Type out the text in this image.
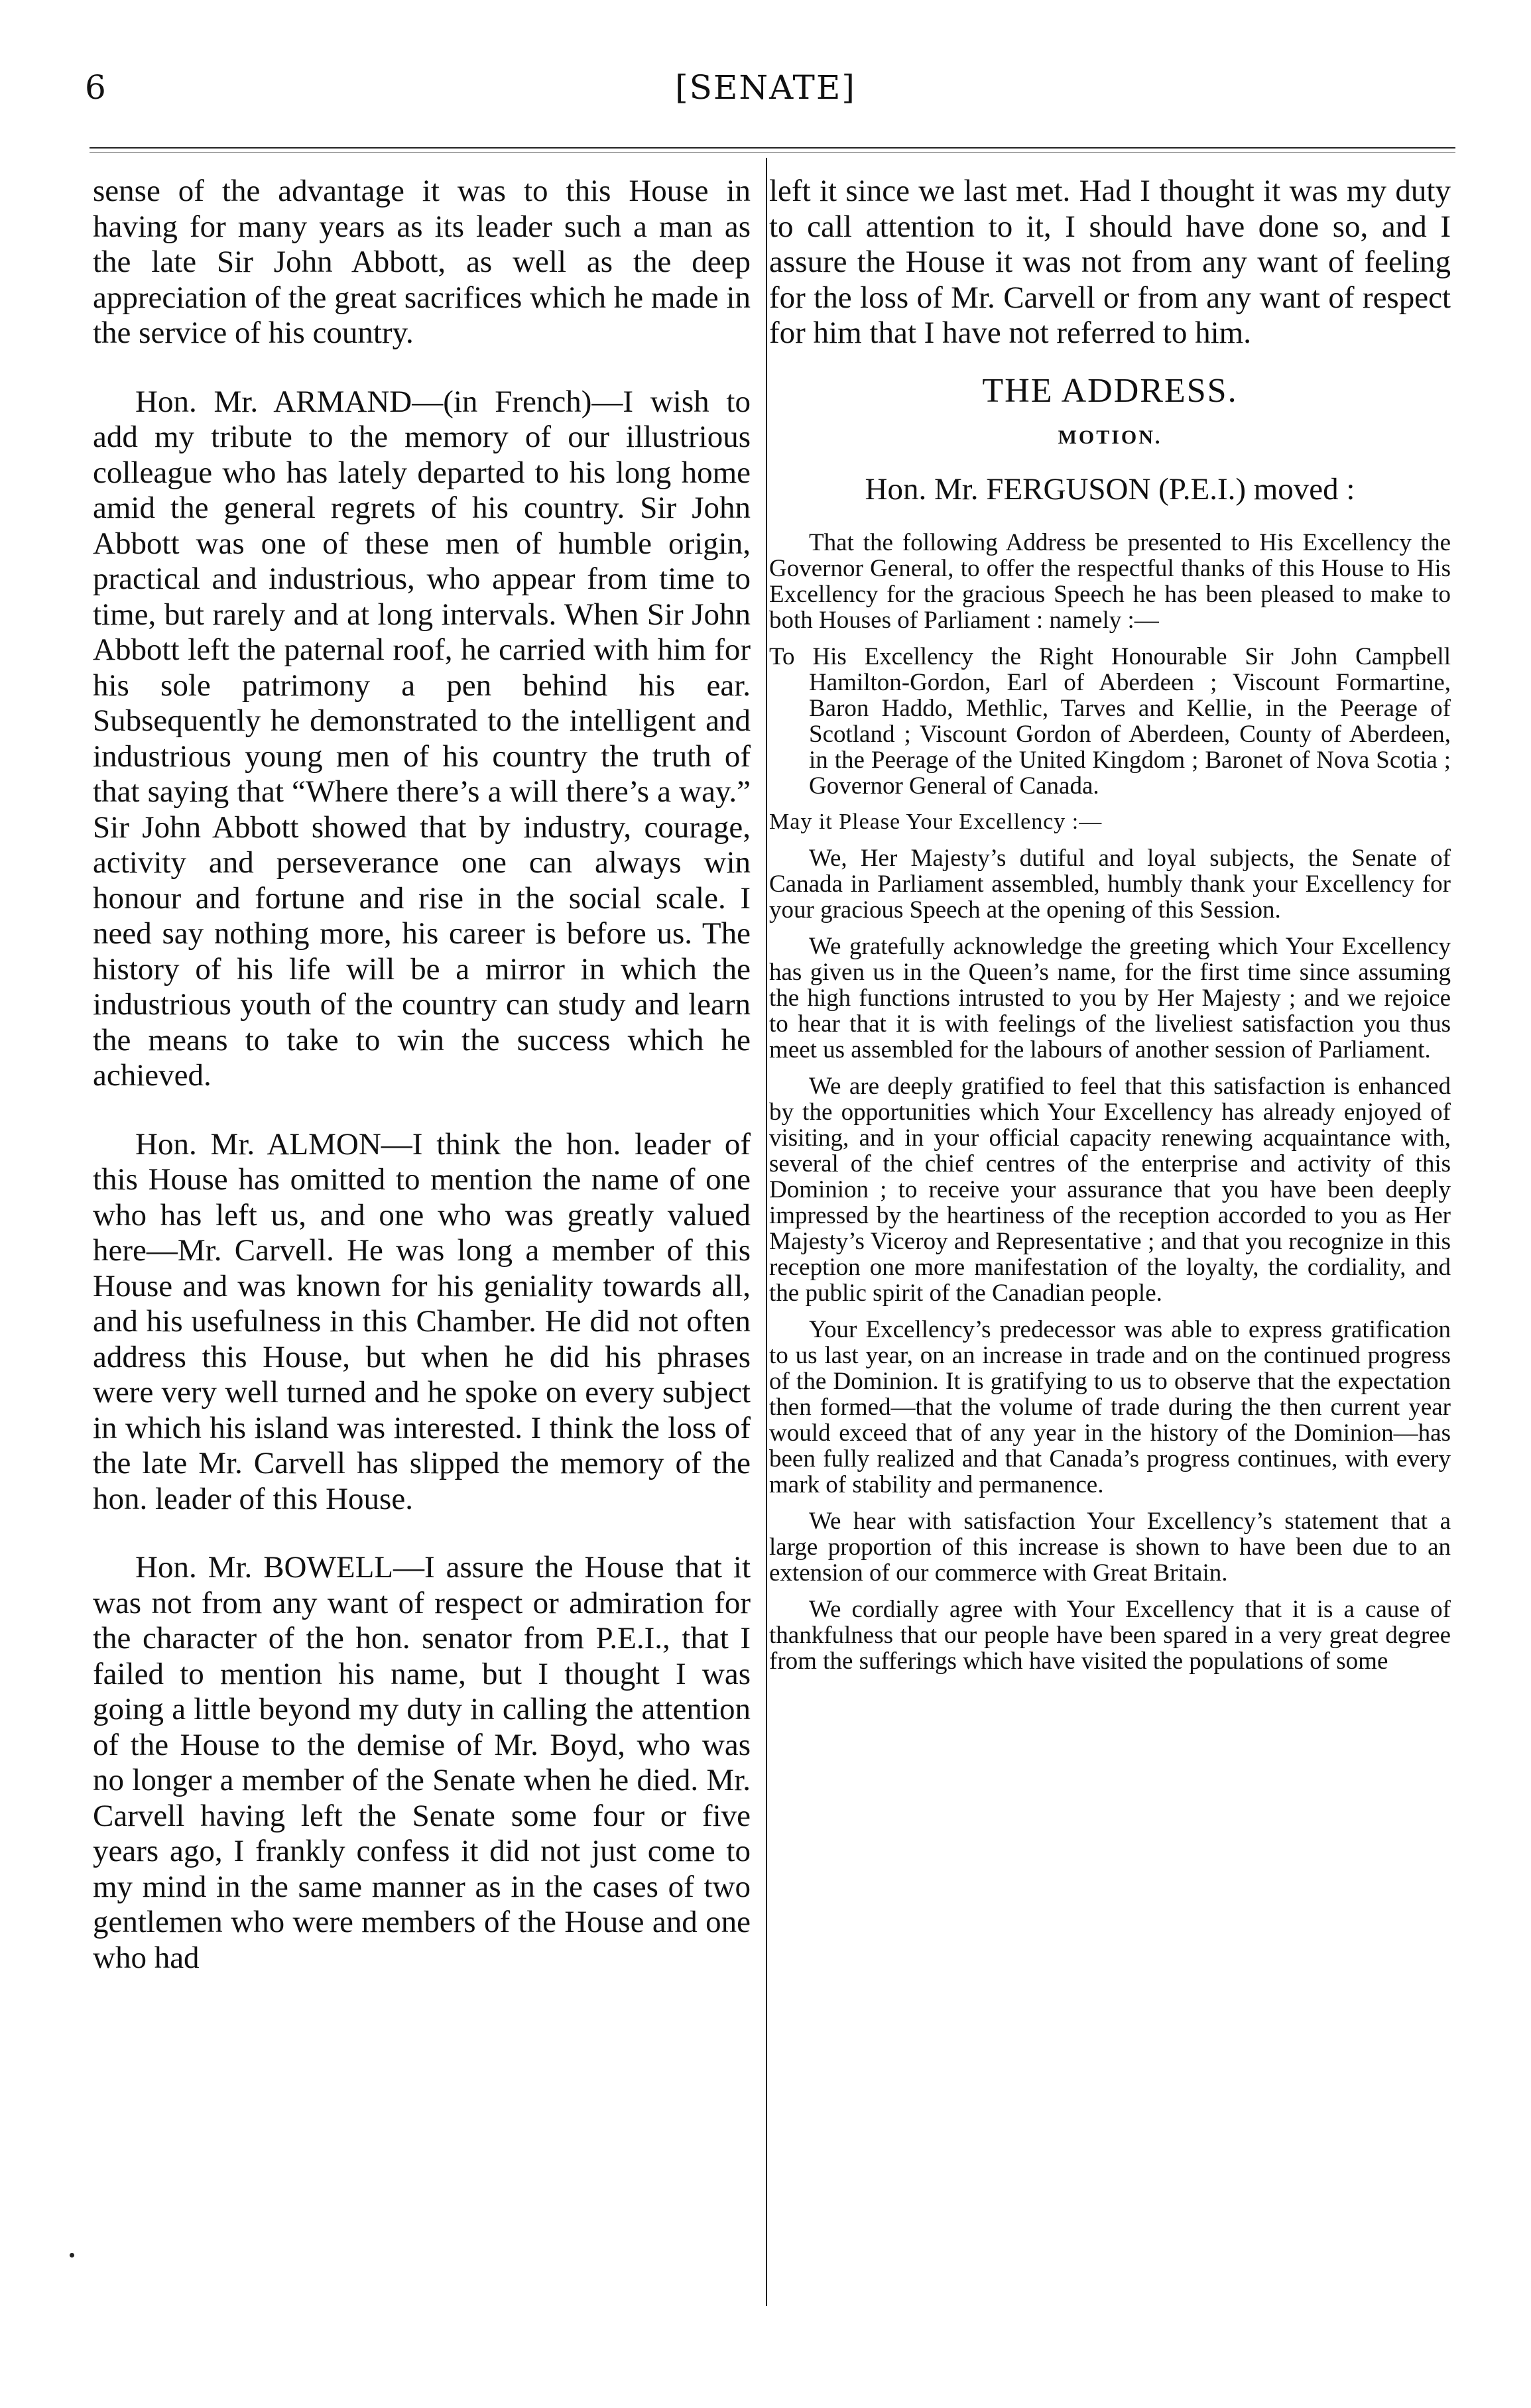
6	[SENATE]

sense of the advantage it was to this House in having for many years as its leader such a man as the late Sir John Abbott, as well as the deep appreciation of the great sacrifices which he made in the service of his country.

Hon. Mr. ARMAND—(in French)—I wish to add my tribute to the memory of our illustrious colleague who has lately departed to his long home amid the general regrets of his country. Sir John Abbott was one of these men of humble origin, practical and industrious, who appear from time to time, but rarely and at long intervals. When Sir John Abbott left the paternal roof, he carried with him for his sole patrimony a pen behind his ear. Subsequently he demonstrated to the intelligent and industrious young men of his country the truth of that saying that “Where there’s a will there’s a way.” Sir John Abbott showed that by industry, courage, activity and perseverance one can always win honour and fortune and rise in the social scale. I need say nothing more, his career is before us. The history of his life will be a mirror in which the industrious youth of the country can study and learn the means to take to win the success which he achieved.

Hon. Mr. ALMON—I think the hon. leader of this House has omitted to mention the name of one who has left us, and one who was greatly valued here—Mr. Carvell. He was long a member of this House and was known for his geniality towards all, and his usefulness in this Chamber. He did not often address this House, but when he did his phrases were very well turned and he spoke on every subject in which his island was interested. I think the loss of the late Mr. Carvell has slipped the memory of the hon. leader of this House.

Hon. Mr. BOWELL—I assure the House that it was not from any want of respect or admiration for the character of the hon. senator from P.E.I., that I failed to mention his name, but I thought I was going a little beyond my duty in calling the attention of the House to the demise of Mr. Boyd, who was no longer a member of the Senate when he died. Mr. Carvell having left the Senate some four or five years ago, I frankly confess it did not just come to my mind in the same manner as in the cases of two gentlemen who were members of the House and one who had

left it since we last met. Had I thought it was my duty to call attention to it, I should have done so, and I assure the House it was not from any want of feeling for the loss of Mr. Carvell or from any want of respect for him that I have not referred to him.

THE ADDRESS.
MOTION.
Hon. Mr. FERGUSON (P.E.I.) moved :

That the following Address be presented to His Excellency the Governor General, to offer the respectful thanks of this House to His Excellency for the gracious Speech he has been pleased to make to both Houses of Parliament : namely :—

To His Excellency the Right Honourable Sir John Campbell Hamilton-Gordon, Earl of Aberdeen ; Viscount Formartine, Baron Haddo, Methlic, Tarves and Kellie, in the Peerage of Scotland ; Viscount Gordon of Aberdeen, County of Aberdeen, in the Peerage of the United Kingdom ; Baronet of Nova Scotia ; Governor General of Canada.

May it Please Your Excellency :—

We, Her Majesty’s dutiful and loyal subjects, the Senate of Canada in Parliament assembled, humbly thank your Excellency for your gracious Speech at the opening of this Session.

We gratefully acknowledge the greeting which Your Excellency has given us in the Queen’s name, for the first time since assuming the high functions intrusted to you by Her Majesty ; and we rejoice to hear that it is with feelings of the liveliest satisfaction you thus meet us assembled for the labours of another session of Parliament.

We are deeply gratified to feel that this satisfaction is enhanced by the opportunities which Your Excellency has already enjoyed of visiting, and in your official capacity renewing acquaintance with, several of the chief centres of the enterprise and activity of this Dominion ; to receive your assurance that you have been deeply impressed by the heartiness of the reception accorded to you as Her Majesty’s Viceroy and Representative ; and that you recognize in this reception one more manifestation of the loyalty, the cordiality, and the public spirit of the Canadian people.

Your Excellency’s predecessor was able to express gratification to us last year, on an increase in trade and on the continued progress of the Dominion. It is gratifying to us to observe that the expectation then formed—that the volume of trade during the then current year would exceed that of any year in the history of the Dominion—has been fully realized and that Canada’s progress continues, with every mark of stability and permanence.

We hear with satisfaction Your Excellency’s statement that a large proportion of this increase is shown to have been due to an extension of our commerce with Great Britain.

We cordially agree with Your Excellency that it is a cause of thankfulness that our people have been spared in a very great degree from the sufferings which have visited the populations of some
